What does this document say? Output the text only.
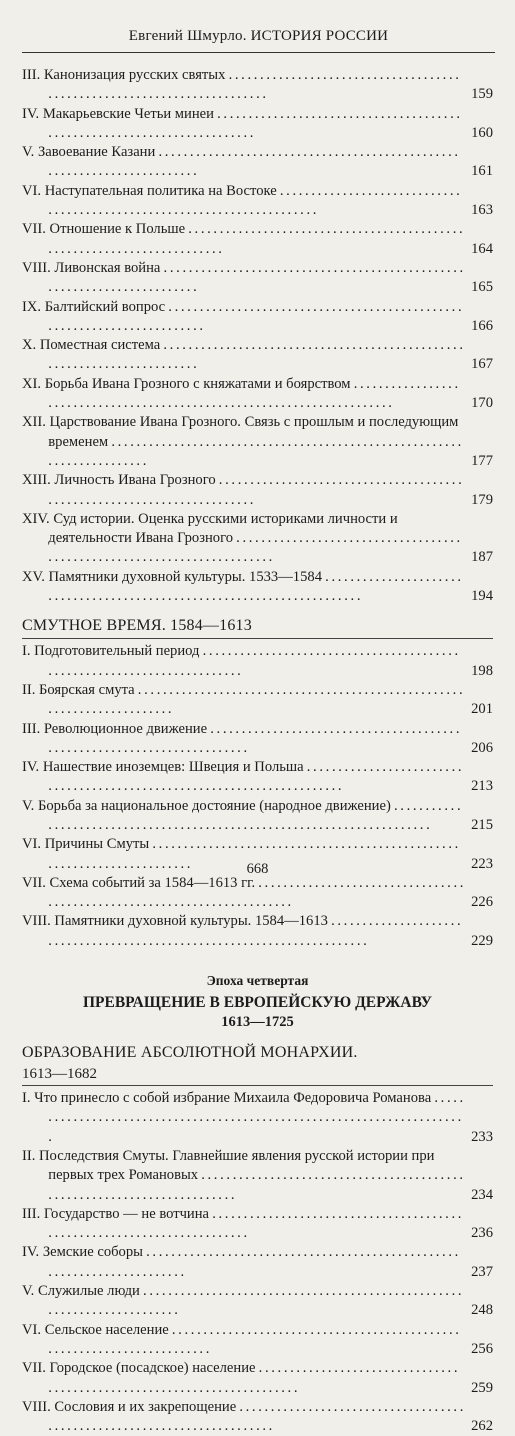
Евгений Шмурло. ИСТОРИЯ РОССИИ
III. Канонизация русских святых . . .
159
IV. Макарьевские Четьи минеи . . .
160
V. Завоевание Казани . . .
161
VI. Наступательная политика на Востоке . . .
163
VII. Отношение к Польше . . .
164
VIII. Ливонская война . . .
165
IX. Балтийский вопрос . . .
166
X. Поместная система . . .
167
XI. Борьба Ивана Грозного с княжатами и боярством . . .
170
XII. Царствование Ивана Грозного. Связь с прошлым и последующим временем . . .
177
XIII. Личность Ивана Грозного . . .
179
XIV. Суд истории. Оценка русскими историками личности и деятельности Ивана Грозного . . .
187
XV. Памятники духовной культуры. 1533—1584 . . .
194
СМУТНОЕ ВРЕМЯ. 1584—1613
I. Подготовительный период . . .
198
II. Боярская смута . . .
201
III. Революционное движение . . .
206
IV. Нашествие иноземцев: Швеция и Польша . . .
213
V. Борьба за национальное достояние (народное движение) . . .
215
VI. Причины Смуты . . .
223
VII. Схема событий за 1584—1613 гг. . . .
226
VIII. Памятники духовной культуры. 1584—1613 . . .
229
Эпоха четвертая
ПРЕВРАЩЕНИЕ В ЕВРОПЕЙСКУЮ ДЕРЖАВУ
1613—1725
ОБРАЗОВАНИЕ АБСОЛЮТНОЙ МОНАРХИИ.
1613—1682
I. Что принесло с собой избрание Михаила Федоровича Романова . . .
233
II. Последствия Смуты. Главнейшие явления русской истории при первых трех Романовых . . .
234
III. Государство — не вотчина . . .
236
IV. Земские соборы . . .
237
V. Служилые люди . . .
248
VI. Сельское население . . .
256
VII. Городское (посадское) население . . .
259
VIII. Сословия и их закрепощение . . .
262
668
